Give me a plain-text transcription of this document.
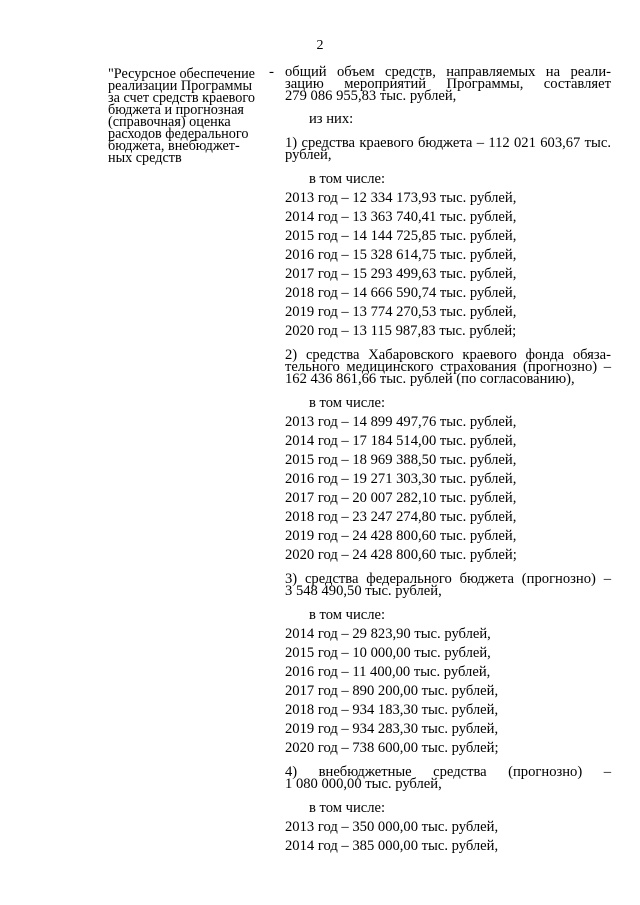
2
"Ресурсное обеспечение
реализации Программы
за счет средств краевого
бюджета и прогнозная
(справочная) оценка
расходов федерального
бюджета, внебюджет-
ных средств
- общий объем средств, направляемых на реали-
зацию мероприятий Программы, составляет
279 086 955,83 тыс. рублей,
из них:
1) средства краевого бюджета – 112 021 603,67 тыс.
рублей,
в том числе:
2013 год – 12 334 173,93 тыс. рублей,
2014 год – 13 363 740,41 тыс. рублей,
2015 год – 14 144 725,85 тыс. рублей,
2016 год – 15 328 614,75 тыс. рублей,
2017 год – 15 293 499,63 тыс. рублей,
2018 год – 14 666 590,74 тыс. рублей,
2019 год – 13 774 270,53 тыс. рублей,
2020 год – 13 115 987,83 тыс. рублей;
2) средства Хабаровского краевого фонда обяза-
тельного медицинского страхования (прогнозно) –
162 436 861,66 тыс. рублей (по согласованию),
в том числе:
2013 год – 14 899 497,76 тыс. рублей,
2014 год – 17 184 514,00 тыс. рублей,
2015 год – 18 969 388,50 тыс. рублей,
2016 год – 19 271 303,30 тыс. рублей,
2017 год – 20 007 282,10 тыс. рублей,
2018 год – 23 247 274,80 тыс. рублей,
2019 год – 24 428 800,60 тыс. рублей,
2020 год – 24 428 800,60 тыс. рублей;
3) средства федерального бюджета (прогнозно) –
3 548 490,50 тыс. рублей,
в том числе:
2014 год – 29 823,90 тыс. рублей,
2015 год – 10 000,00 тыс. рублей,
2016 год – 11 400,00 тыс. рублей,
2017 год – 890 200,00 тыс. рублей,
2018 год – 934 183,30 тыс. рублей,
2019 год – 934 283,30 тыс. рублей,
2020 год – 738 600,00 тыс. рублей;
4) внебюджетные средства (прогнозно) –
1 080 000,00 тыс. рублей,
в том числе:
2013 год – 350 000,00 тыс. рублей,
2014 год – 385 000,00 тыс. рублей,
